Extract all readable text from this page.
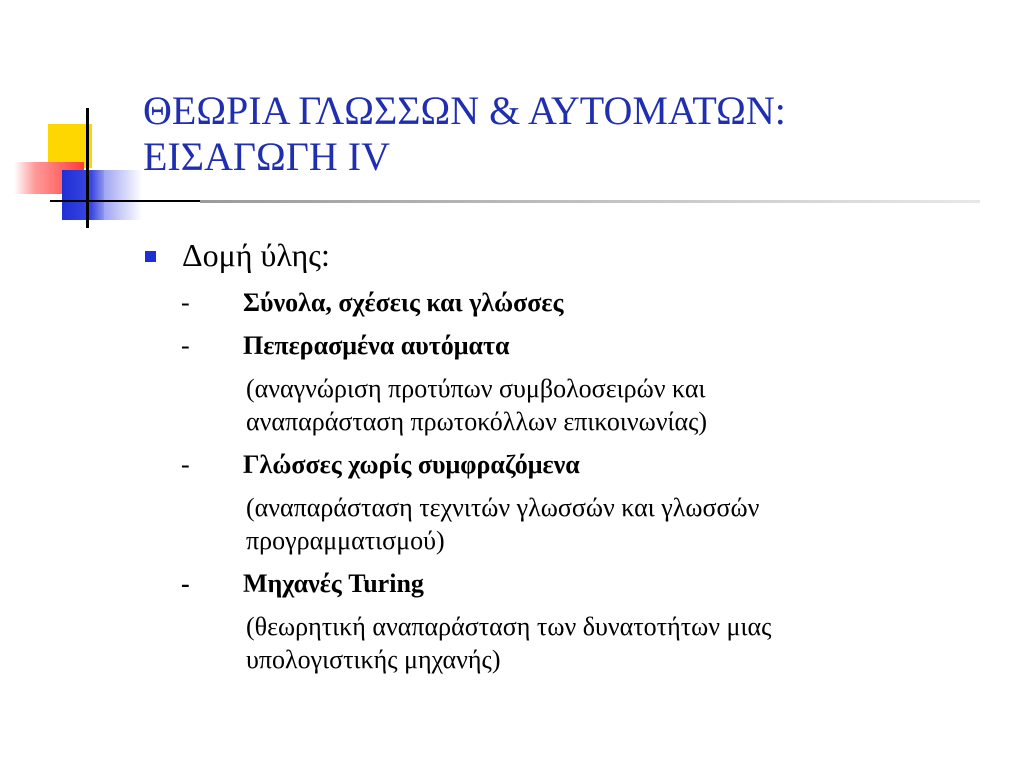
ΘΕΩΡΙΑ ΓΛΩΣΣΩΝ & ΑΥΤΟΜΑΤΩΝ:
ΕΙΣΑΓΩΓΗ IV
Δομή ύλης:
-	Σύνολα, σχέσεις και γλώσσες
-	Πεπερασμένα αυτόματα
(αναγνώριση προτύπων συμβολοσειρών και
αναπαράσταση πρωτοκόλλων επικοινωνίας)
-	Γλώσσες χωρίς συμφραζόμενα
(αναπαράσταση τεχνιτών γλωσσών και γλωσσών
προγραμματισμού)
-	Μηχανές Turing
(θεωρητική αναπαράσταση των δυνατοτήτων μιας
υπολογιστικής μηχανής)
